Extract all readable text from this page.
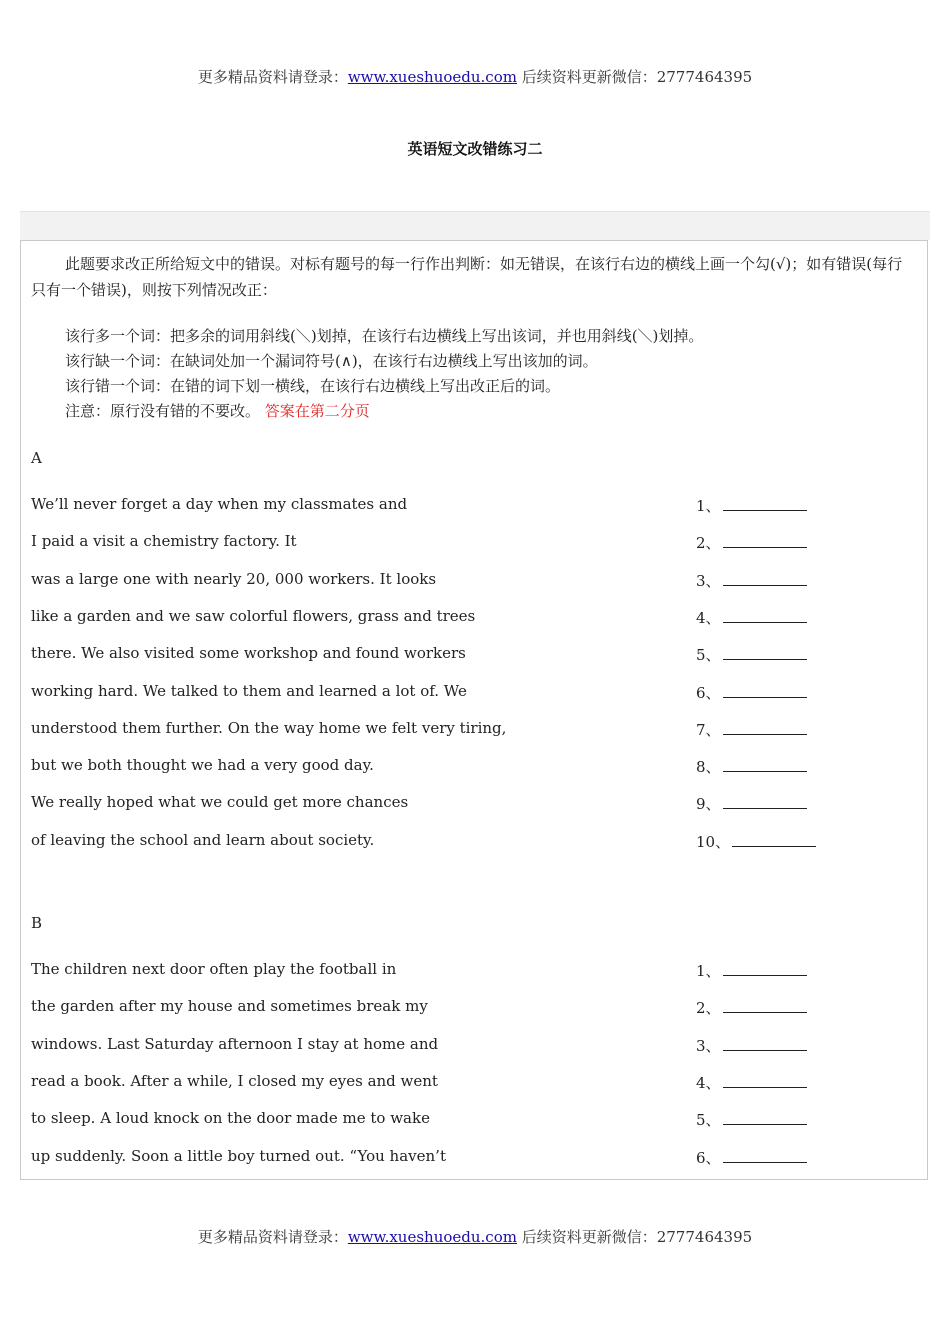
更多精品资料请登录：www.xueshuoedu.com 后续资料更新微信：2777464395
英语短文改错练习二
此题要求改正所给短文中的错误。对标有题号的每一行作出判断：如无错误，在该行右边的横线上画一个勾(√)；如有错误(每行只有一个错误)，则按下列情况改正：
该行多一个词：把多余的词用斜线(＼)划掉，在该行右边横线上写出该词，并也用斜线(＼)划掉。
该行缺一个词：在缺词处加一个漏词符号(∧)，在该行右边横线上写出该加的词。
该行错一个词：在错的词下划一横线，在该行右边横线上写出改正后的词。
注意：原行没有错的不要改。 答案在第二分页
A
We’ll never forget a day when my classmates and	1、
I paid a visit a chemistry factory. It	2、
was a large one with nearly 20, 000 workers. It looks	3、
like a garden and we saw colorful flowers, grass and trees	4、
there. We also visited some workshop and found workers	5、
working hard. We talked to them and learned a lot of. We	6、
understood them further. On the way home we felt very tiring,	7、
but we both thought we had a very good day.	8、
We really hoped what we could get more chances	9、
of leaving the school and learn about society.	10、
B
The children next door often play the football in	1、
the garden after my house and sometimes break my	2、
windows. Last Saturday afternoon I stay at home and	3、
read a book. After a while, I closed my eyes and went	4、
to sleep. A loud knock on the door made me to wake	5、
up suddenly. Soon a little boy turned out. “You haven’t	6、
更多精品资料请登录：www.xueshuoedu.com 后续资料更新微信：2777464395
